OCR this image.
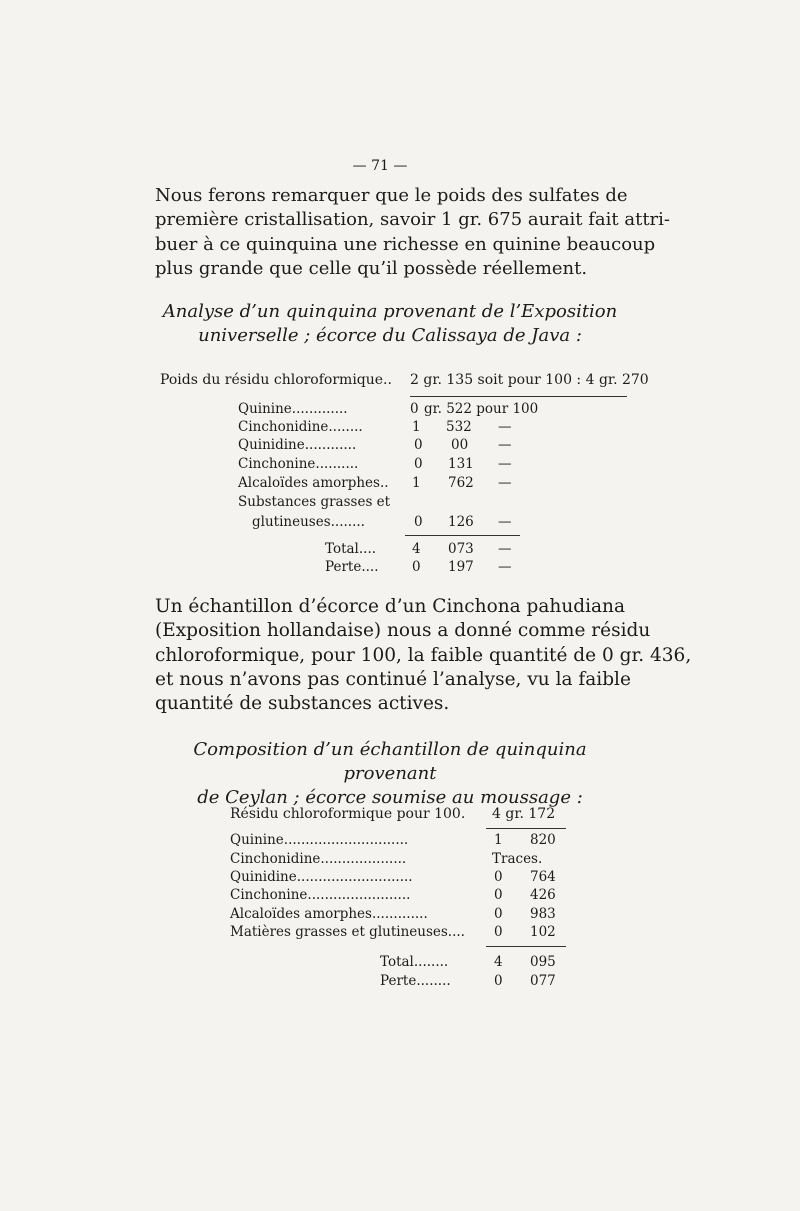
— 71 —

Nous ferons remarquer que le poids des sulfates de
première cristallisation, savoir 1 gr. 675 aurait fait attri-
buer à ce quinquina une richesse en quinine beaucoup
plus grande que celle qu’il possède réellement.

Analyse d’un quinquina provenant de l’Exposition
universelle ; écorce du Calissaya de Java :
Poids du résidu chloroformique.. 2 gr. 135 soit pour 100 : 4 gr. 270
Quinine.............	0 gr. 522 pour 100
Cinchonidine........	1 532 —
Quinidine............	0 00 —
Cinchonine..........	0 131 —
Alcaloïdes amorphes.. 1 762 —
Substances grasses et
glutineuses........	0 126 —
Total....	4 073 —
Perte.... 0 197 —

Un échantillon d’écorce d’un Cinchona pahudiana
(Exposition hollandaise) nous a donné comme résidu
chloroformique, pour 100, la faible quantité de 0 gr. 436,
et nous n’avons pas continué l’analyse, vu la faible
quantité de substances actives.

Composition d’un échantillon de quinquina provenant
de Ceylan ; écorce soumise au moussage :
Résidu chloroformique pour 100. 4 gr. 172
Quinine.............................	1 820
Cinchonidine....................	Traces.
Quinidine...........................	0 764
Cinchonine........................	0 426
Alcaloïdes amorphes.............	0 983
Matières grasses et glutineuses.... 0 102
Total........	4 095
Perte........	0 077
